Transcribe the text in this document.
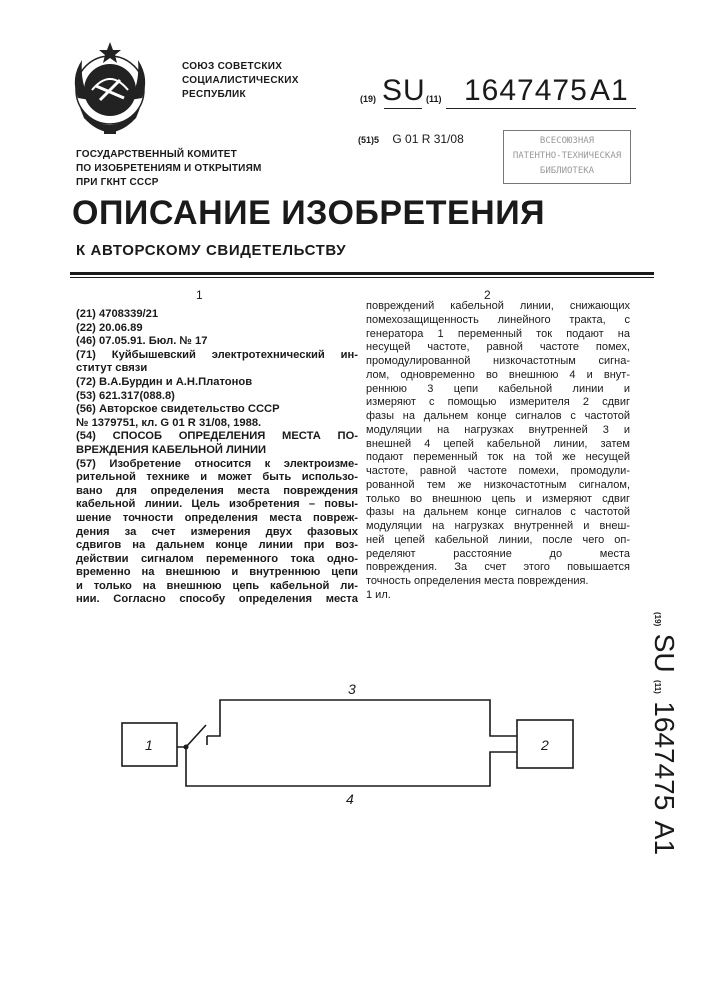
СОЮЗ СОВЕТСКИХ
СОЦИАЛИСТИЧЕСКИХ
РЕСПУБЛИК	(19) SU (11) 1647475 A1
(51)5 G 01 R 31/08	ВСЕСОЮЗНАЯ
ПАТЕНТНО-ТЕХНИЧЕСКАЯ
БИБЛИОТЕКА
ГОСУДАРСТВЕННЫЙ КОМИТЕТ
ПО ИЗОБРЕТЕНИЯМ И ОТКРЫТИЯМ
ПРИ ГКНТ СССР
ОПИСАНИЕ ИЗОБРЕТЕНИЯ
К АВТОРСКОМУ СВИДЕТЕЛЬСТВУ
1	2
(21) 4708339/21
(22) 20.06.89
(46) 07.05.91. Бюл. № 17
(71) Куйбышевский электротехнический ин-
ститут связи
(72) В.А.Бурдин и А.Н.Платонов
(53) 621.317(088.8)
(56) Авторское свидетельство СССР
№ 1379751, кл. G 01 R 31/08, 1988.
(54) СПОСОБ ОПРЕДЕЛЕНИЯ МЕСТА ПО-
ВРЕЖДЕНИЯ КАБЕЛЬНОЙ ЛИНИИ
(57) Изобретение относится к электроизме-
рительной технике и может быть использо-
вано для определения места повреждения
кабельной линии. Цель изобретения – повы-
шение точности определения места повреж-
дения за счет измерения двух фазовых
сдвигов на дальнем конце линии при воз-
действии сигналом переменного тока одно-
временно на внешнюю и внутреннюю цепи
и только на внешнюю цепь кабельной ли-
нии. Согласно способу определения места
повреждений кабельной линии, снижающих
помехозащищенность линейного тракта, с
генератора 1 переменный ток подают на
несущей частоте, равной частоте помех,
промодулированной низкочастотным сигна-
лом, одновременно во внешнюю 4 и внут-
реннюю 3 цепи кабельной линии и
измеряют с помощью измерителя 2 сдвиг
фазы на дальнем конце сигналов с частотой
модуляции на нагрузках внутренней 3 и
внешней 4 цепей кабельной линии, затем
подают переменный ток на той же несущей
частоте, равной частоте помехи, промодули-
рованной тем же низкочастотным сигналом,
только во внешнюю цепь и измеряют сдвиг
фазы на дальнем конце сигналов с частотой
модуляции на нагрузках внутренней и внеш-
ней цепей кабельной линии, после чего оп-
ределяют расстояние до места
повреждения. За счет этого повышается
точность определения места повреждения.
1 ил.
(19) SU (11) 1647475 A1
1	2
3
4
